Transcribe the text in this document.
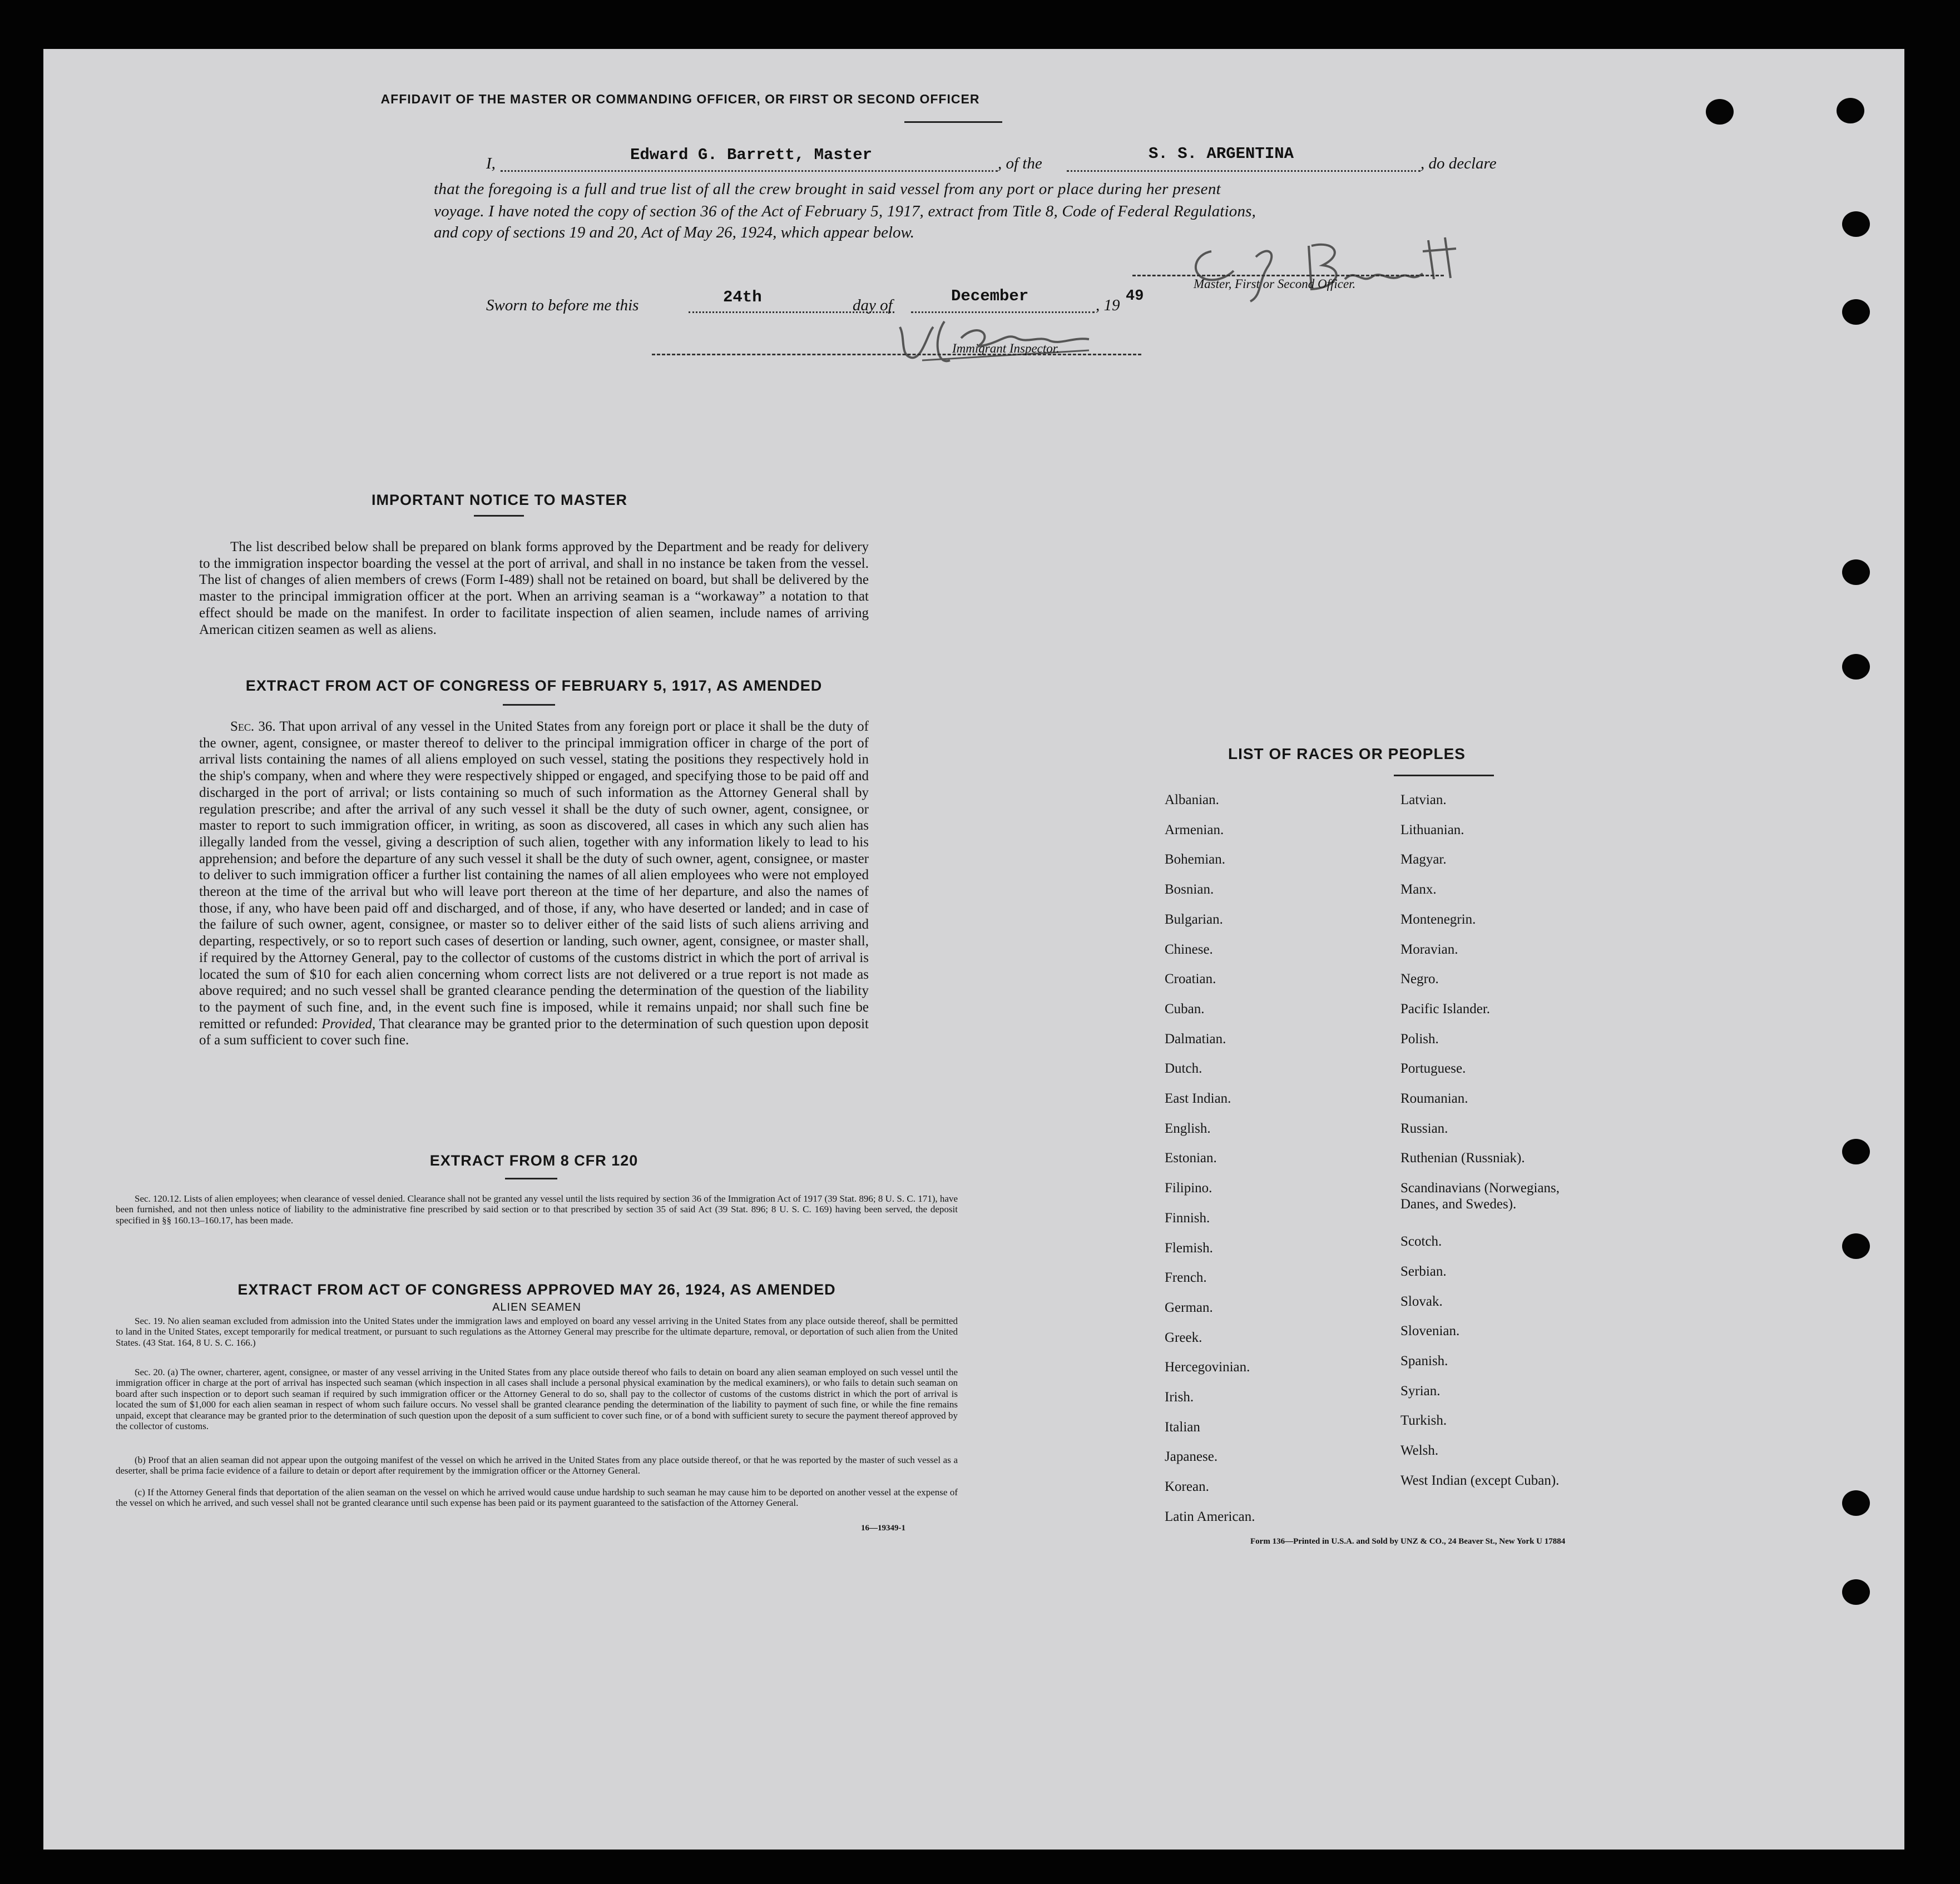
AFFIDAVIT OF THE MASTER OR COMMANDING OFFICER, OR FIRST OR SECOND OFFICER
I,	Edward G. Barrett, Master	, of the
S. S. ARGENTINA
, do declare
that the foregoing is a full and true list of all the crew brought in said vessel from any port or place during her present
voyage. I have noted the copy of section 36 of the Act of February 5, 1917, extract from Title 8, Code of Federal Regulations,
and copy of sections 19 and 20, Act of May 26, 1924, which appear below.
Master, First or Second Officer.
Sworn to before me this	24th	day of	December	, 19 49
Immigrant Inspector.
IMPORTANT NOTICE TO MASTER
The list described below shall be prepared on blank forms approved by the Department and be ready for delivery to the immigration inspector boarding the vessel at the port of arrival, and shall in no instance be taken from the vessel. The list of changes of alien members of crews (Form I-489) shall not be retained on board, but shall be delivered by the master to the principal immigration officer at the port. When an arriving seaman is a “workaway” a notation to that effect should be made on the manifest. In order to facilitate inspection of alien seamen, include names of arriving American citizen seamen as well as aliens.
EXTRACT FROM ACT OF CONGRESS OF FEBRUARY 5, 1917, AS AMENDED
Sec. 36. That upon arrival of any vessel in the United States from any foreign port or place it shall be the duty of the owner, agent, consignee, or master thereof to deliver to the principal immigration officer in charge of the port of arrival lists containing the names of all aliens employed on such vessel, stating the positions they respectively hold in the ship's company, when and where they were respectively shipped or engaged, and specifying those to be paid off and discharged in the port of arrival; or lists containing so much of such information as the Attorney General shall by regulation prescribe; and after the arrival of any such vessel it shall be the duty of such owner, agent, consignee, or master to report to such immigration officer, in writing, as soon as discovered, all cases in which any such alien has illegally landed from the vessel, giving a description of such alien, together with any information likely to lead to his apprehension; and before the departure of any such vessel it shall be the duty of such owner, agent, consignee, or master to deliver to such immigration officer a further list containing the names of all alien employees who were not employed thereon at the time of the arrival but who will leave port thereon at the time of her departure, and also the names of those, if any, who have been paid off and discharged, and of those, if any, who have deserted or landed; and in case of the failure of such owner, agent, consignee, or master so to deliver either of the said lists of such aliens arriving and departing, respectively, or so to report such cases of desertion or landing, such owner, agent, consignee, or master shall, if required by the Attorney General, pay to the collector of customs of the customs district in which the port of arrival is located the sum of $10 for each alien concerning whom correct lists are not delivered or a true report is not made as above required; and no such vessel shall be granted clearance pending the determination of the question of the liability to the payment of such fine, and, in the event such fine is imposed, while it remains unpaid; nor shall such fine be remitted or refunded: Provided, That clearance may be granted prior to the determination of such question upon deposit of a sum sufficient to cover such fine.
EXTRACT FROM 8 CFR 120
Sec. 120.12. Lists of alien employees; when clearance of vessel denied. Clearance shall not be granted any vessel until the lists required by section 36 of the Immigration Act of 1917 (39 Stat. 896; 8 U. S. C. 171), have been furnished, and not then unless notice of liability to the administrative fine prescribed by said section or to that prescribed by section 35 of said Act (39 Stat. 896; 8 U. S. C. 169) having been served, the deposit specified in §§ 160.13–160.17, has been made.
EXTRACT FROM ACT OF CONGRESS APPROVED MAY 26, 1924, AS AMENDED
ALIEN SEAMEN
Sec. 19. No alien seaman excluded from admission into the United States under the immigration laws and employed on board any vessel arriving in the United States from any place outside thereof, shall be permitted to land in the United States, except temporarily for medical treatment, or pursuant to such regulations as the Attorney General may prescribe for the ultimate departure, removal, or deportation of such alien from the United States. (43 Stat. 164, 8 U. S. C. 166.)
Sec. 20. (a) The owner, charterer, agent, consignee, or master of any vessel arriving in the United States from any place outside thereof who fails to detain on board any alien seaman employed on such vessel until the immigration officer in charge at the port of arrival has inspected such seaman (which inspection in all cases shall include a personal physical examination by the medical examiners), or who fails to detain such seaman on board after such inspection or to deport such seaman if required by such immigration officer or the Attorney General to do so, shall pay to the collector of customs of the customs district in which the port of arrival is located the sum of $1,000 for each alien seaman in respect of whom such failure occurs. No vessel shall be granted clearance pending the determination of the liability to payment of such fine, or while the fine remains unpaid, except that clearance may be granted prior to the determination of such question upon the deposit of a sum sufficient to cover such fine, or of a bond with sufficient surety to secure the payment thereof approved by the collector of customs.
(b) Proof that an alien seaman did not appear upon the outgoing manifest of the vessel on which he arrived in the United States from any place outside thereof, or that he was reported by the master of such vessel as a deserter, shall be prima facie evidence of a failure to detain or deport after requirement by the immigration officer or the Attorney General.
(c) If the Attorney General finds that deportation of the alien seaman on the vessel on which he arrived would cause undue hardship to such seaman he may cause him to be deported on another vessel at the expense of the vessel on which he arrived, and such vessel shall not be granted clearance until such expense has been paid or its payment guaranteed to the satisfaction of the Attorney General.
16—19349-1
LIST OF RACES OR PEOPLES
Form 136—Printed in U.S.A. and Sold by UNZ & CO., 24 Beaver St., New York U 17884
Albanian.
Armenian.
Bohemian.
Bosnian.
Bulgarian.
Chinese.
Croatian.
Cuban.
Dalmatian.
Dutch.
East Indian.
English.
Estonian.
Filipino.
Finnish.
Flemish.
French.
German.
Greek.
Hercegovinian.
Irish.
Italian
Japanese.
Korean.
Latin American.
Latvian.
Lithuanian.
Magyar.
Manx.
Montenegrin.
Moravian.
Negro.
Pacific Islander.
Polish.
Portuguese.
Roumanian.
Russian.
Ruthenian (Russniak).
Scandinavians (Norwegians,
Danes, and Swedes).
Scotch.
Serbian.
Slovak.
Slovenian.
Spanish.
Syrian.
Turkish.
Welsh.
West Indian (except Cuban).
